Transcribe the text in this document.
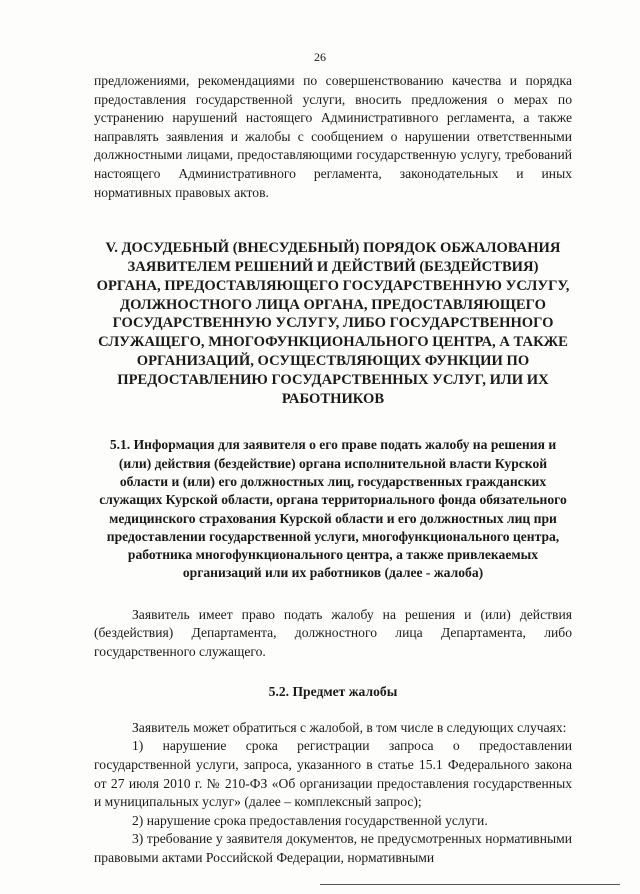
26

предложениями, рекомендациями по совершенствованию качества и порядка предоставления государственной услуги, вносить предложения о мерах по устранению нарушений настоящего Административного регламента, а также направлять заявления и жалобы с сообщением о нарушении ответственными должностными лицами, предоставляющими государственную услугу, требований настоящего Административного регламента, законодательных и иных нормативных правовых актов.

V. ДОСУДЕБНЫЙ (ВНЕСУДЕБНЫЙ) ПОРЯДОК ОБЖАЛОВАНИЯ ЗАЯВИТЕЛЕМ РЕШЕНИЙ И ДЕЙСТВИЙ (БЕЗДЕЙСТВИЯ) ОРГАНА, ПРЕДОСТАВЛЯЮЩЕГО ГОСУДАРСТВЕННУЮ УСЛУГУ, ДОЛЖНОСТНОГО ЛИЦА ОРГАНА, ПРЕДОСТАВЛЯЮЩЕГО ГОСУДАРСТВЕННУЮ УСЛУГУ, ЛИБО ГОСУДАРСТВЕННОГО СЛУЖАЩЕГО, МНОГОФУНКЦИОНАЛЬНОГО ЦЕНТРА, А ТАКЖЕ ОРГАНИЗАЦИЙ, ОСУЩЕСТВЛЯЮЩИХ ФУНКЦИИ ПО ПРЕДОСТАВЛЕНИЮ ГОСУДАРСТВЕННЫХ УСЛУГ, ИЛИ ИХ РАБОТНИКОВ
5.1. Информация для заявителя о его праве подать жалобу на решения и (или) действия (бездействие) органа исполнительной власти Курской области и (или) его должностных лиц, государственных гражданских служащих Курской области, органа территориального фонда обязательного медицинского страхования Курской области и его должностных лиц при предоставлении государственной услуги, многофункционального центра, работника многофункционального центра, а также привлекаемых организаций или их работников (далее - жалоба)

Заявитель имеет право подать жалобу на решения и (или) действия (бездействия) Департамента, должностного лица Департамента, либо государственного служащего.

5.2. Предмет жалобы

Заявитель может обратиться с жалобой, в том числе в следующих случаях:

1) нарушение срока регистрации запроса о предоставлении государственной услуги, запроса, указанного в статье 15.1 Федерального закона от 27 июля 2010 г. № 210-ФЗ «Об организации предоставления государственных и муниципальных услуг» (далее – комплексный запрос);

2) нарушение срока предоставления государственной услуги.

3) требование у заявителя документов, не предусмотренных нормативными правовыми актами Российской Федерации, нормативными
